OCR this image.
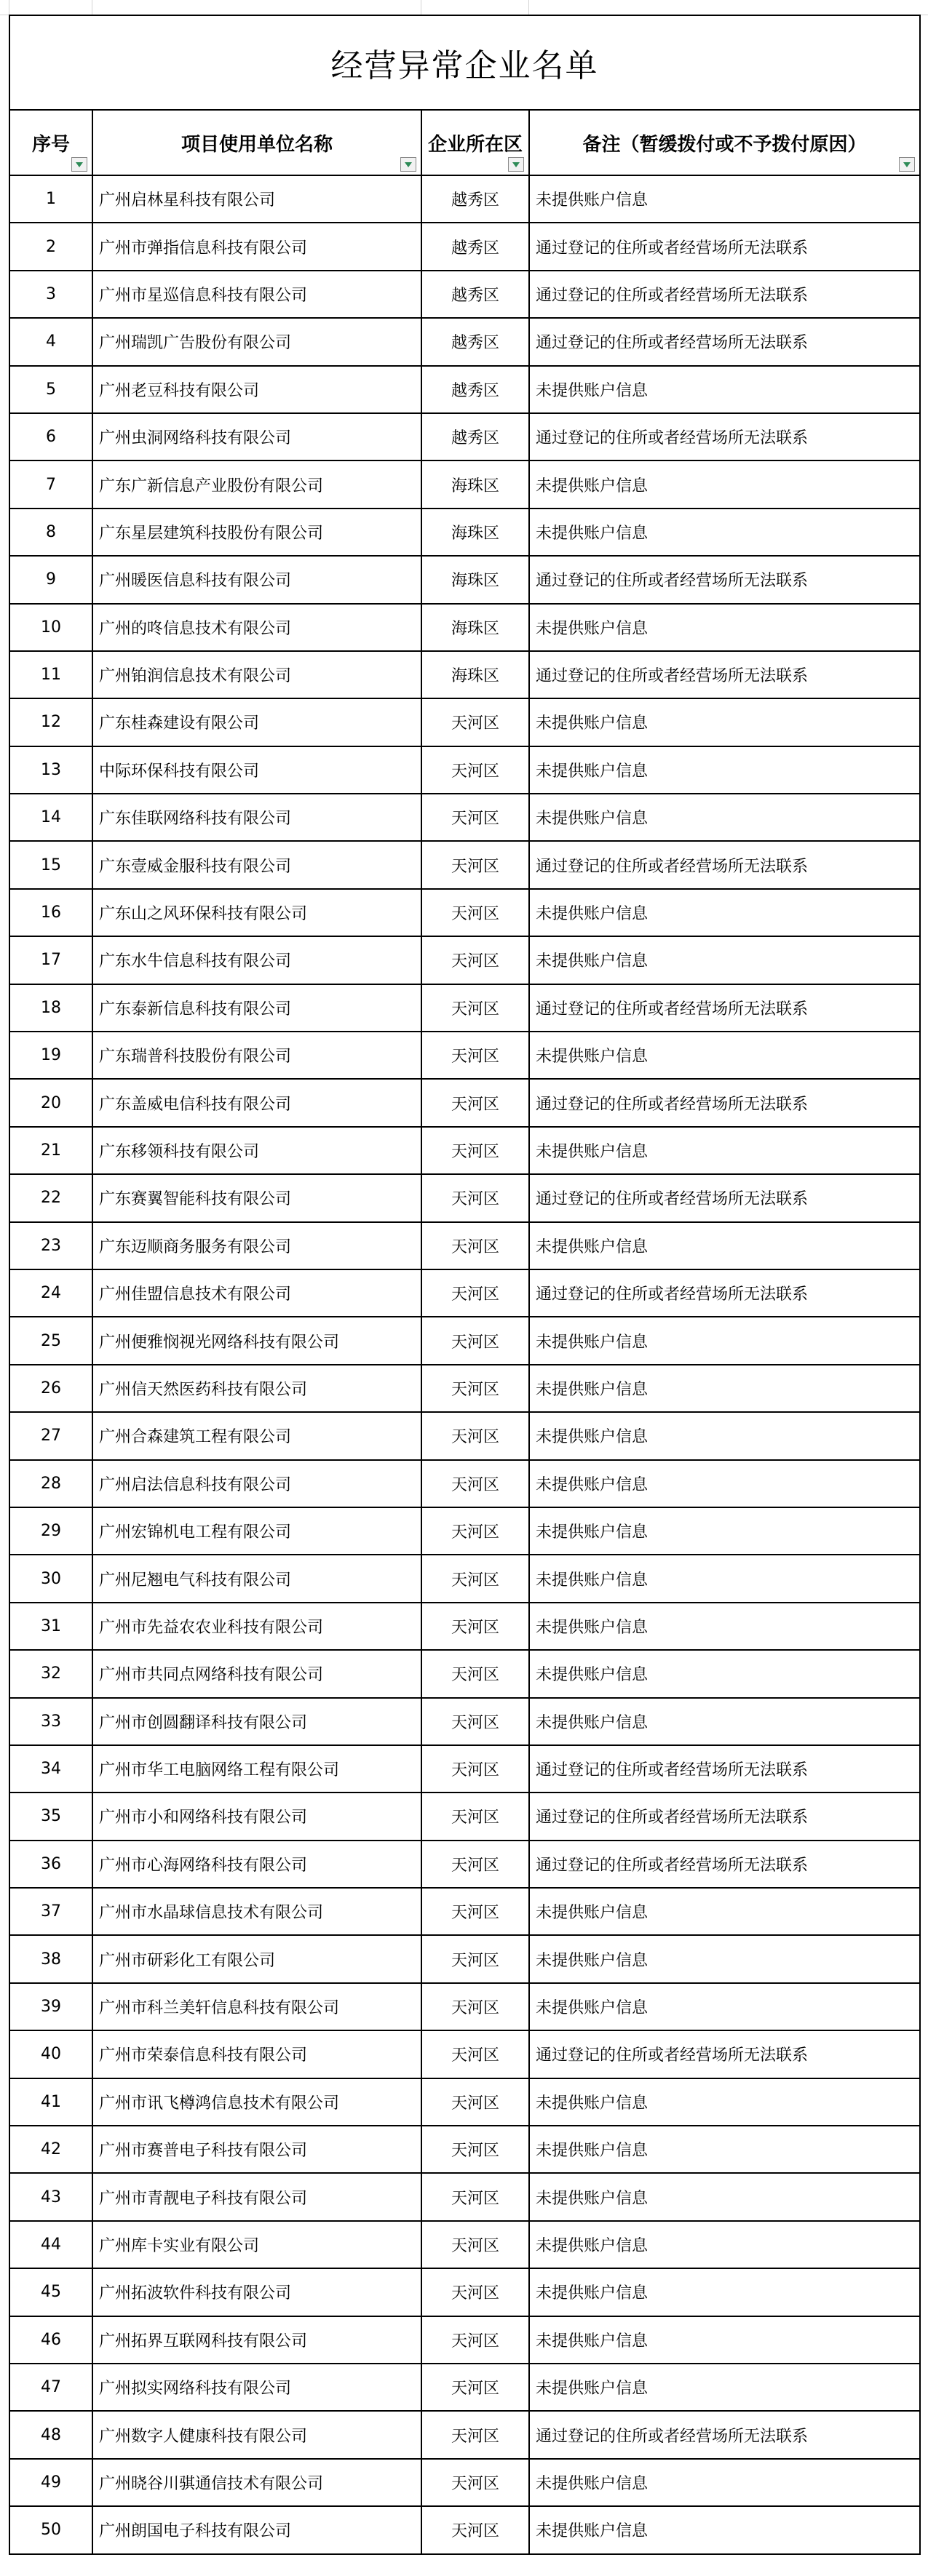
经营异常企业名单			
序号	项目使用单位名称	企业所在区	备注（暂缓拨付或不予拨付原因）

1	广州启林星科技有限公司	越秀区	未提供账户信息
2	广州市弹指信息科技有限公司	越秀区	通过登记的住所或者经营场所无法联系
3	广州市星巡信息科技有限公司	越秀区	通过登记的住所或者经营场所无法联系
4	广州瑞凯广告股份有限公司	越秀区	通过登记的住所或者经营场所无法联系
5	广州老豆科技有限公司	越秀区	未提供账户信息
6	广州虫洞网络科技有限公司	越秀区	通过登记的住所或者经营场所无法联系
7	广东广新信息产业股份有限公司	海珠区	未提供账户信息
8	广东星层建筑科技股份有限公司	海珠区	未提供账户信息
9	广州暖医信息科技有限公司	海珠区	通过登记的住所或者经营场所无法联系
10	广州的咚信息技术有限公司	海珠区	未提供账户信息
11	广州铂润信息技术有限公司	海珠区	通过登记的住所或者经营场所无法联系
12	广东桂森建设有限公司	天河区	未提供账户信息
13	中际环保科技有限公司	天河区	未提供账户信息
14	广东佳联网络科技有限公司	天河区	未提供账户信息
15	广东壹威金服科技有限公司	天河区	通过登记的住所或者经营场所无法联系
16	广东山之风环保科技有限公司	天河区	未提供账户信息
17	广东水牛信息科技有限公司	天河区	未提供账户信息
18	广东泰新信息科技有限公司	天河区	通过登记的住所或者经营场所无法联系
19	广东瑞普科技股份有限公司	天河区	未提供账户信息
20	广东盖威电信科技有限公司	天河区	通过登记的住所或者经营场所无法联系
21	广东移领科技有限公司	天河区	未提供账户信息
22	广东赛翼智能科技有限公司	天河区	通过登记的住所或者经营场所无法联系
23	广东迈顺商务服务有限公司	天河区	未提供账户信息
24	广州佳盟信息技术有限公司	天河区	通过登记的住所或者经营场所无法联系
25	广州便雅悯视光网络科技有限公司	天河区	未提供账户信息
26	广州信天然医药科技有限公司	天河区	未提供账户信息
27	广州合森建筑工程有限公司	天河区	未提供账户信息
28	广州启法信息科技有限公司	天河区	未提供账户信息
29	广州宏锦机电工程有限公司	天河区	未提供账户信息
30	广州尼翘电气科技有限公司	天河区	未提供账户信息
31	广州市先益农农业科技有限公司	天河区	未提供账户信息
32	广州市共同点网络科技有限公司	天河区	未提供账户信息
33	广州市创圆翻译科技有限公司	天河区	未提供账户信息
34	广州市华工电脑网络工程有限公司	天河区	通过登记的住所或者经营场所无法联系
35	广州市小和网络科技有限公司	天河区	通过登记的住所或者经营场所无法联系
36	广州市心海网络科技有限公司	天河区	通过登记的住所或者经营场所无法联系
37	广州市水晶球信息技术有限公司	天河区	未提供账户信息
38	广州市研彩化工有限公司	天河区	未提供账户信息
39	广州市科兰美轩信息科技有限公司	天河区	未提供账户信息
40	广州市荣泰信息科技有限公司	天河区	通过登记的住所或者经营场所无法联系
41	广州市讯飞樽鸿信息技术有限公司	天河区	未提供账户信息
42	广州市赛普电子科技有限公司	天河区	未提供账户信息
43	广州市青靓电子科技有限公司	天河区	未提供账户信息
44	广州库卡实业有限公司	天河区	未提供账户信息
45	广州拓波软件科技有限公司	天河区	未提供账户信息
46	广州拓界互联网科技有限公司	天河区	未提供账户信息
47	广州拟实网络科技有限公司	天河区	未提供账户信息
48	广州数字人健康科技有限公司	天河区	通过登记的住所或者经营场所无法联系
49	广州晓谷川骐通信技术有限公司	天河区	未提供账户信息
50	广州朗国电子科技有限公司	天河区	未提供账户信息
